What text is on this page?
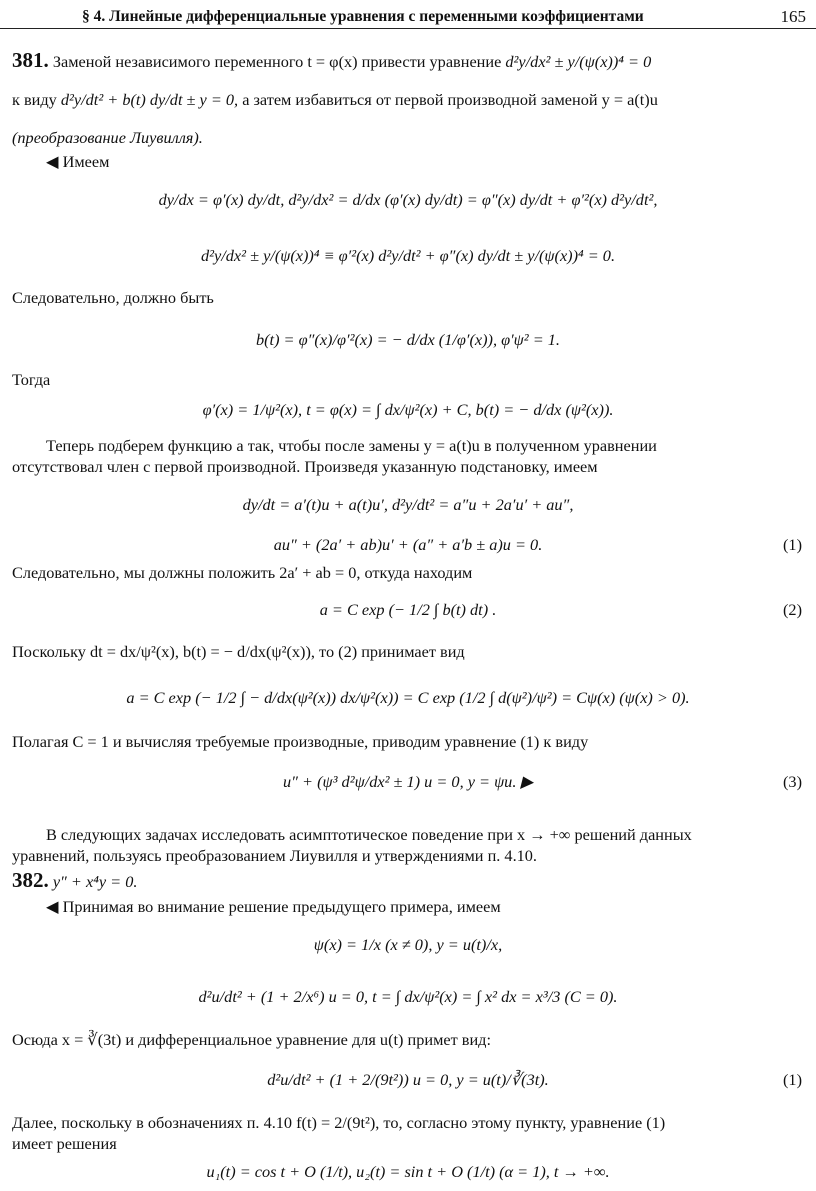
§ 4. Линейные дифференциальные уравнения с переменными коэффициентами	165
381. Заменой независимого переменного t = φ(x) привести уравнение d²y/dx² ± y/(ψ(x))⁴ = 0
к виду d²y/dt² + b(t) dy/dt ± y = 0, а затем избавиться от первой производной заменой y = a(t)u
(преобразование Лиувилля).
◀ Имеем
dy/dx = φ′(x) dy/dt, d²y/dx² = d/dx (φ′(x) dy/dt) = φ″(x) dy/dt + φ′²(x) d²y/dt²,
d²y/dx² ± y/(ψ(x))⁴ ≡ φ′²(x) d²y/dt² + φ″(x) dy/dt ± y/(ψ(x))⁴ = 0.
Следовательно, должно быть
b(t) = φ″(x)/φ′²(x) = − d/dx (1/φ′(x)), φ′ψ² = 1.
Тогда
φ′(x) = 1/ψ²(x), t = φ(x) = ∫ dx/ψ²(x) + C, b(t) = − d/dx (ψ²(x)).
Теперь подберем функцию a так, чтобы после замены y = a(t)u в полученном уравнении
отсутствовал член с первой производной. Произведя указанную подстановку, имеем
dy/dt = a′(t)u + a(t)u′, d²y/dt² = a″u + 2a′u′ + au″,
au″ + (2a′ + ab)u′ + (a″ + a′b ± a)u = 0.	(1)
Следовательно, мы должны положить 2a′ + ab = 0, откуда находим
a = C exp (− 1/2 ∫ b(t) dt) .	(2)
Поскольку dt = dx/ψ²(x), b(t) = − d/dx(ψ²(x)), то (2) принимает вид
a = C exp (− 1/2 ∫ − d/dx(ψ²(x)) dx/ψ²(x)) = C exp (1/2 ∫ d(ψ²)/ψ²) = Cψ(x) (ψ(x) > 0).
Полагая C = 1 и вычисляя требуемые производные, приводим уравнение (1) к виду
u″ + (ψ³ d²ψ/dx² ± 1) u = 0, y = ψu. ▶	(3)
В следующих задачах исследовать асимптотическое поведение при x → +∞ решений данных
уравнений, пользуясь преобразованием Лиувилля и утверждениями п. 4.10.
382. y″ + x⁴y = 0.
◀ Принимая во внимание решение предыдущего примера, имеем
ψ(x) = 1/x (x ≠ 0), y = u(t)/x,
d²u/dt² + (1 + 2/x⁶) u = 0, t = ∫ dx/ψ²(x) = ∫ x² dx = x³/3 (C = 0).
Осюда x = ∛(3t) и дифференциальное уравнение для u(t) примет вид:
d²u/dt² + (1 + 2/(9t²)) u = 0, y = u(t)/∛(3t).	(1)
Далее, поскольку в обозначениях п. 4.10 f(t) = 2/(9t²), то, согласно этому пункту, уравнение (1)
имеет решения
u₁(t) = cos t + O (1/t), u₂(t) = sin t + O (1/t) (α = 1), t → +∞.
